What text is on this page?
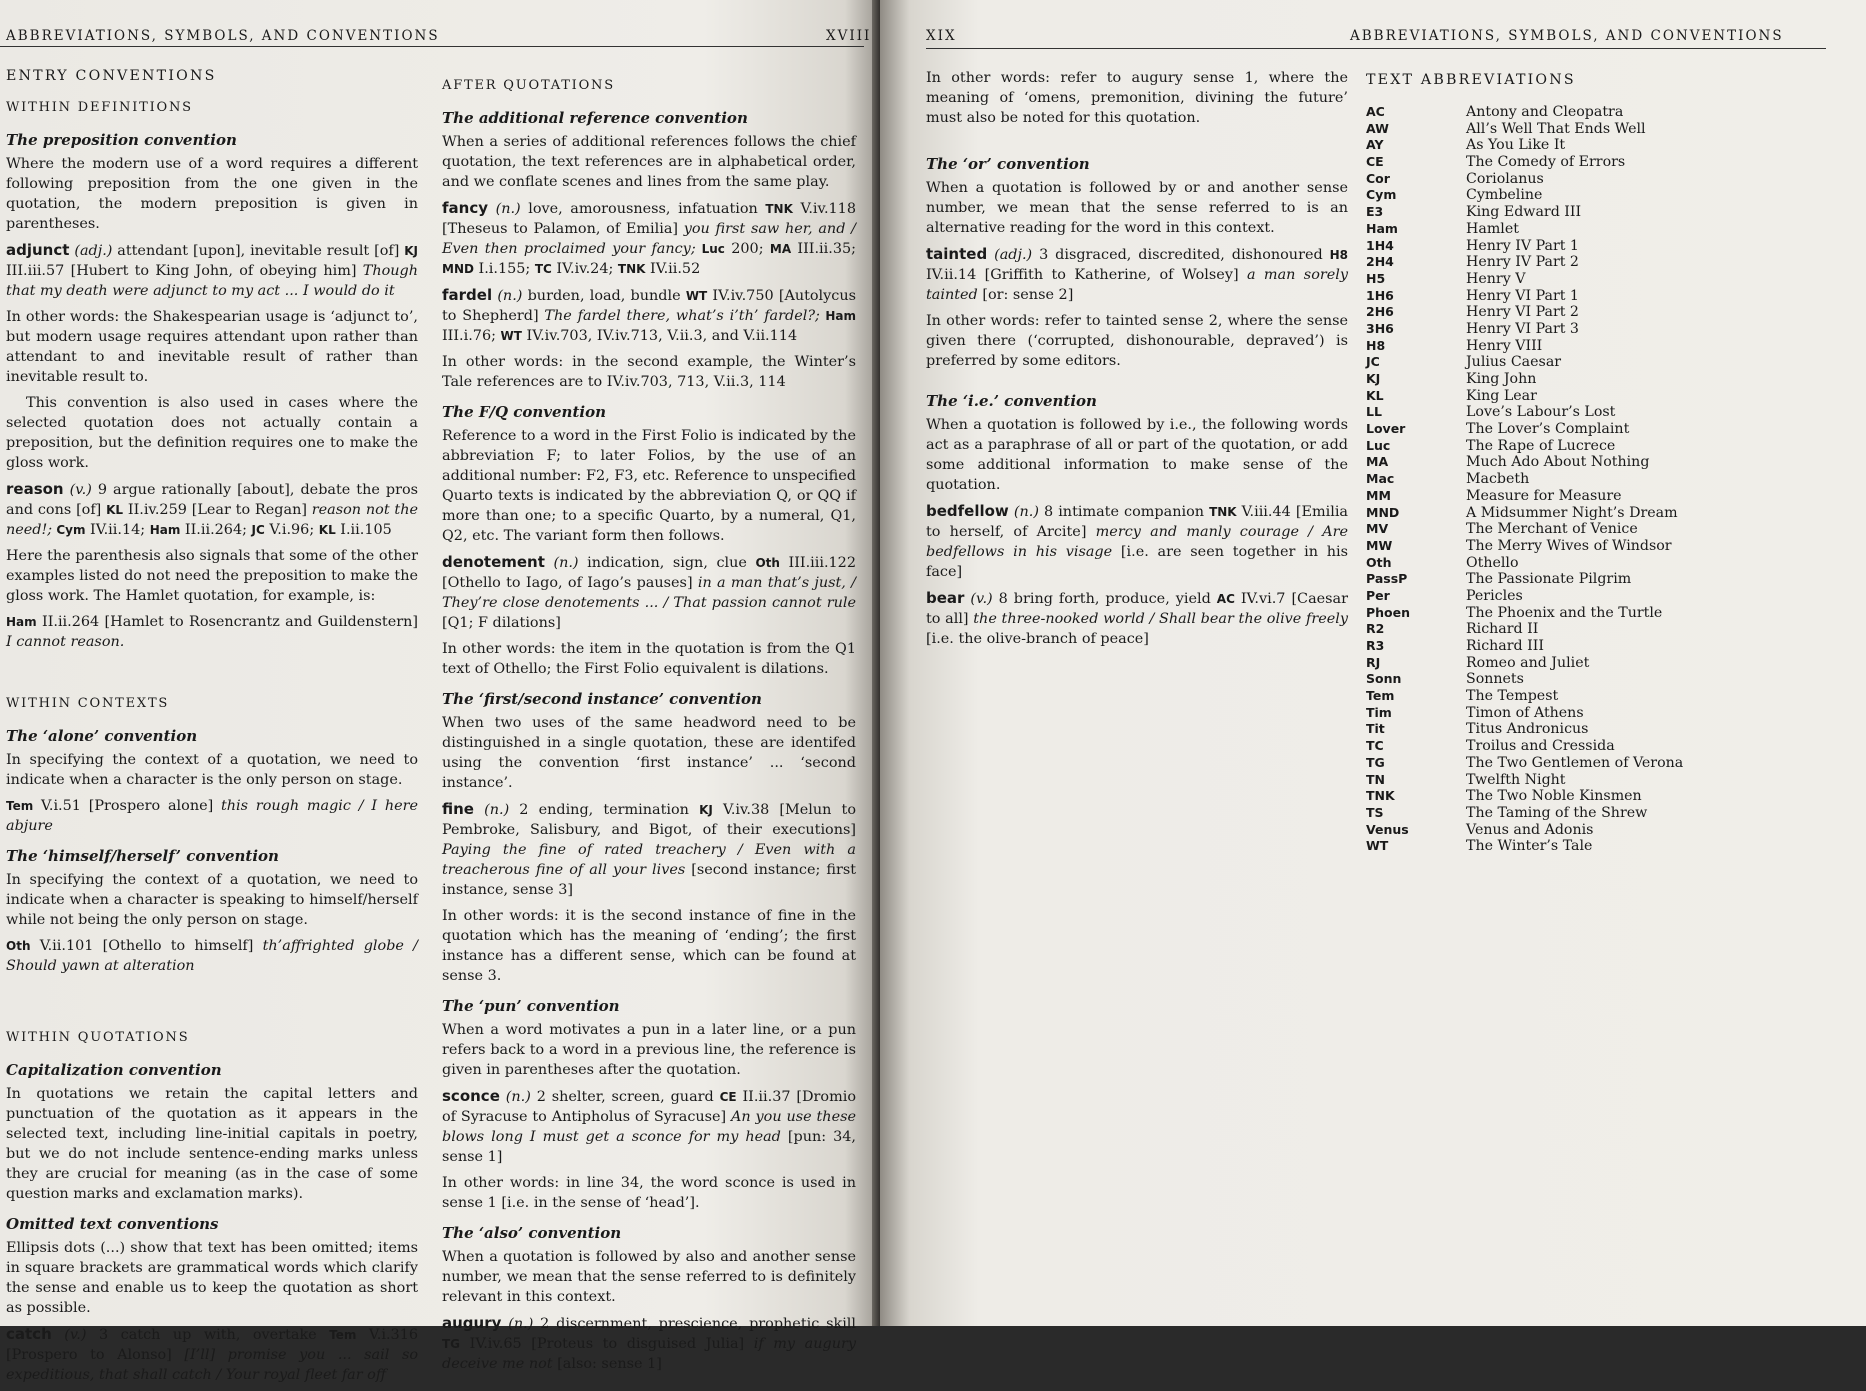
ABBREVIATIONS, SYMBOLS, AND CONVENTIONS	XVIII
ENTRY CONVENTIONS
WITHIN DEFINITIONS
The preposition convention

Where the modern use of a word requires a different following preposition from the one given in the quotation, the modern preposition is given in parentheses.

adjunct (adj.) attendant [upon], inevitable result [of] KJ III.iii.57 [Hubert to King John, of obeying him] Though that my death were adjunct to my act ... I would do it

In other words: the Shakespearian usage is ‘adjunct to’, but modern usage requires attendant upon rather than attendant to and inevitable result of rather than inevitable result to.

This convention is also used in cases where the selected quotation does not actually contain a preposition, but the definition requires one to make the gloss work.

reason (v.) 9 argue rationally [about], debate the pros and cons [of] KL II.iv.259 [Lear to Regan] reason not the need!; Cym IV.ii.14; Ham II.ii.264; JC V.i.96; KL I.ii.105

Here the parenthesis also signals that some of the other examples listed do not need the preposition to make the gloss work. The Hamlet quotation, for example, is:

Ham II.ii.264 [Hamlet to Rosencrantz and Guildenstern] I cannot reason.
WITHIN CONTEXTS
The ‘alone’ convention

In specifying the context of a quotation, we need to indicate when a character is the only person on stage.

Tem V.i.51 [Prospero alone] this rough magic / I here abjure
The ‘himself/herself’ convention

In specifying the context of a quotation, we need to indicate when a character is speaking to himself/herself while not being the only person on stage.

Oth V.ii.101 [Othello to himself] th’affrighted globe / Should yawn at alteration
WITHIN QUOTATIONS
Capitalization convention

In quotations we retain the capital letters and punctuation of the quotation as it appears in the selected text, including line-initial capitals in poetry, but we do not include sentence-ending marks unless they are crucial for meaning (as in the case of some question marks and exclamation marks).

Omitted text conventions

Ellipsis dots (...) show that text has been omitted; items in square brackets are grammatical words which clarify the sense and enable us to keep the quotation as short as possible.

catch (v.) 3 catch up with, overtake Tem V.i.316 [Prospero to Alonso] [I’ll] promise you ... sail so expeditious, that shall catch / Your royal fleet far off
AFTER QUOTATIONS
The additional reference convention

When a series of additional references follows the chief quotation, the text references are in alphabetical order, and we conflate scenes and lines from the same play.

fancy (n.) love, amorousness, infatuation TNK V.iv.118 [Theseus to Palamon, of Emilia] you first saw her, and / Even then proclaimed your fancy; Luc 200; MA III.ii.35; MND I.i.155; TC IV.iv.24; TNK IV.ii.52
fardel (n.) burden, load, bundle WT IV.iv.750 [Autolycus to Shepherd] The fardel there, what’s i’th’ fardel?; Ham III.i.76; WT IV.iv.703, IV.iv.713, V.ii.3, and V.ii.114

In other words: in the second example, the Winter’s Tale references are to IV.iv.703, 713, V.ii.3, 114

The F/Q convention

Reference to a word in the First Folio is indicated by the abbreviation F; to later Folios, by the use of an additional number: F2, F3, etc. Reference to unspecified Quarto texts is indicated by the abbreviation Q, or QQ if more than one; to a specific Quarto, by a numeral, Q1, Q2, etc. The variant form then follows.

denotement (n.) indication, sign, clue Oth III.iii.122 [Othello to Iago, of Iago’s pauses] in a man that’s just, / They’re close denotements ... / That passion cannot rule [Q1; F dilations]

In other words: the item in the quotation is from the Q1 text of Othello; the First Folio equivalent is dilations.

The ‘first/second instance’ convention

When two uses of the same headword need to be distinguished in a single quotation, these are identifed using the convention ‘first instance’ ... ‘second instance’.

fine (n.) 2 ending, termination KJ V.iv.38 [Melun to Pembroke, Salisbury, and Bigot, of their executions] Paying the fine of rated treachery / Even with a treacherous fine of all your lives [second instance; first instance, sense 3]

In other words: it is the second instance of fine in the quotation which has the meaning of ‘ending’; the first instance has a different sense, which can be found at sense 3.

The ‘pun’ convention

When a word motivates a pun in a later line, or a pun refers back to a word in a previous line, the reference is given in parentheses after the quotation.

sconce (n.) 2 shelter, screen, guard CE II.ii.37 [Dromio of Syracuse to Antipholus of Syracuse] An you use these blows long I must get a sconce for my head [pun: 34, sense 1]

In other words: in line 34, the word sconce is used in sense 1 [i.e. in the sense of ‘head’].

The ‘also’ convention

When a quotation is followed by also and another sense number, we mean that the sense referred to is definitely relevant in this context.

augury (n.) 2 discernment, prescience, prophetic skill TG IV.iv.65 [Proteus to disguised Julia] if my augury deceive me not [also: sense 1]
XIX	ABBREVIATIONS, SYMBOLS, AND CONVENTIONS

In other words: refer to augury sense 1, where the meaning of ‘omens, premonition, divining the future’ must also be noted for this quotation.

The ‘or’ convention

When a quotation is followed by or and another sense number, we mean that the sense referred to is an alternative reading for the word in this context.

tainted (adj.) 3 disgraced, discredited, dishonoured H8 IV.ii.14 [Griffith to Katherine, of Wolsey] a man sorely tainted [or: sense 2]

In other words: refer to tainted sense 2, where the sense given there (‘corrupted, dishonourable, depraved’) is preferred by some editors.

The ‘i.e.’ convention

When a quotation is followed by i.e., the following words act as a paraphrase of all or part of the quotation, or add some additional information to make sense of the quotation.

bedfellow (n.) 8 intimate companion TNK V.iii.44 [Emilia to herself, of Arcite] mercy and manly courage / Are bedfellows in his visage [i.e. are seen together in his face]
bear (v.) 8 bring forth, produce, yield AC IV.vi.7 [Caesar to all] the three-nooked world / Shall bear the olive freely [i.e. the olive-branch of peace]
TEXT ABBREVIATIONS
AC	Antony and Cleopatra
AW	All’s Well That Ends Well
AY	As You Like It
CE	The Comedy of Errors
Cor	Coriolanus
Cym	Cymbeline
E3	King Edward III
Ham	Hamlet
1H4	Henry IV Part 1
2H4	Henry IV Part 2
H5	Henry V
1H6	Henry VI Part 1
2H6	Henry VI Part 2
3H6	Henry VI Part 3
H8	Henry VIII
JC	Julius Caesar
KJ	King John
KL	King Lear
LL	Love’s Labour’s Lost
Lover	The Lover’s Complaint
Luc	The Rape of Lucrece
MA	Much Ado About Nothing
Mac	Macbeth
MM	Measure for Measure
MND	A Midsummer Night’s Dream
MV	The Merchant of Venice
MW	The Merry Wives of Windsor
Oth	Othello
PassP	The Passionate Pilgrim
Per	Pericles
Phoen	The Phoenix and the Turtle
R2	Richard II
R3	Richard III
RJ	Romeo and Juliet
Sonn	Sonnets
Tem	The Tempest
Tim	Timon of Athens
Tit	Titus Andronicus
TC	Troilus and Cressida
TG	The Two Gentlemen of Verona
TN	Twelfth Night
TNK	The Two Noble Kinsmen
TS	The Taming of the Shrew
Venus	Venus and Adonis
WT	The Winter’s Tale
